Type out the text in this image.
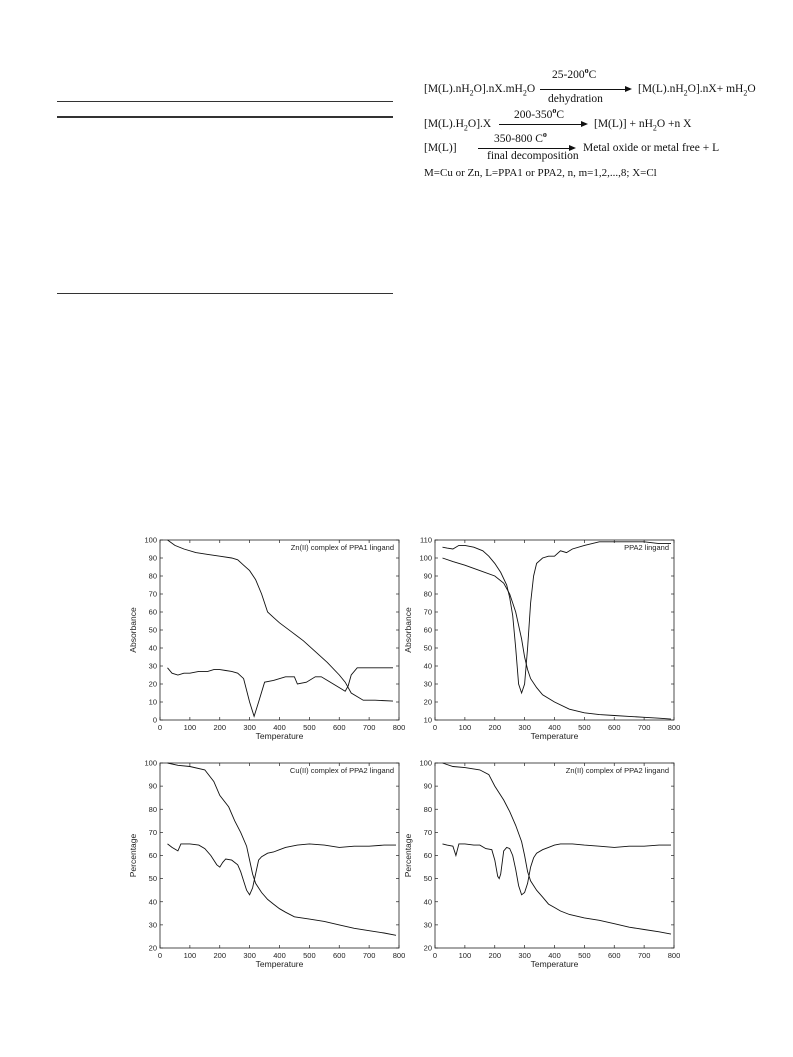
$[M(L).nH_2O].nX.mH_2O$
25-200$^o$C
dehydration
$[M(L).nH_2O].nX+ mH_2O$
$[M(L).H_2O].X$
200-350$^o$C
$[M(L)] + nH_2O +n$ X
[M(L)]
350-800 $C^o$
final decomposition
Metal oxide or metal free + L
M=Cu or Zn, L=PPA1 or PPA2, n, m=1,2,...,8; X=Cl
0	100 200 300 400 500 600 700 800
0
10
20
30
40
50
60
70
80
90
100
Zn(II) complex of PPA1 lingand
Temperature
Absorbance
0	100 200 300 400 500 600 700 800
10
20
30
40
50
60
70
80
90
100
110
PPA2 lingand
Temperature
Absorbance
0	100 200 300 400 500 600 700 800
20
30
40
50
60
70
80
90
100
Cu(II) complex of PPA2 lingand
Temperature
Percentage
0	100 200 300 400 500 600 700 800
20
30
40
50
60
70
80
90
100
Zn(II) complex of PPA2 lingand
Temperature
Percentage
